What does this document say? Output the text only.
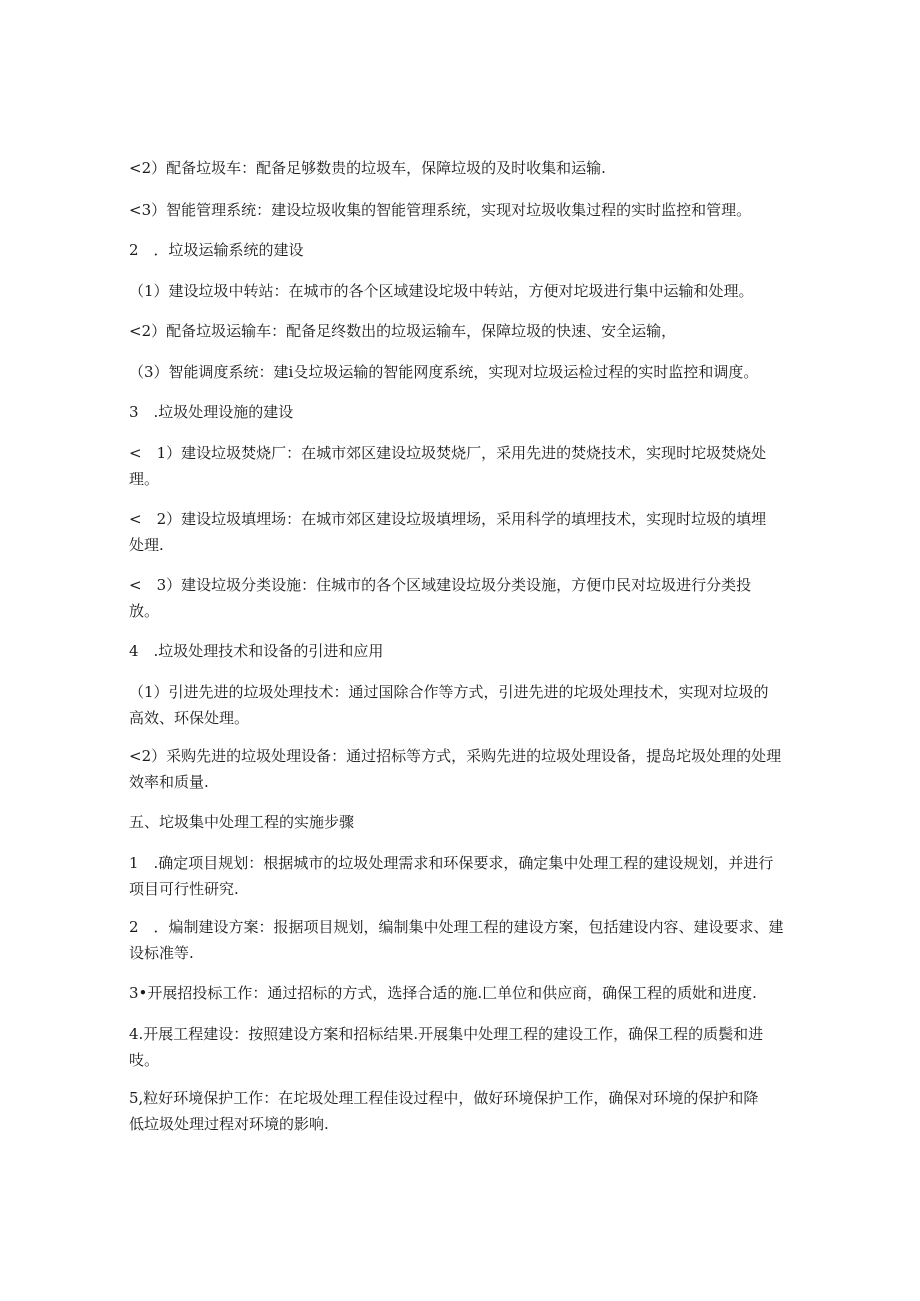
<2）配备垃圾车：配备足够数贵的垃圾车，保障垃圾的及时收集和运输.

<3）智能管理系统：建设垃圾收集的智能管理系统，实现对垃圾收集过程的实时监控和管理。

2　．垃圾运输系统的建设

（1）建设垃圾中转站：在城市的各个区域建设坨圾中转站，方便对坨圾进行集中运输和处理。

<2）配备垃圾运输车：配备足终数出的垃圾运输车，保障垃圾的快速、安全运输，

（3）智能调度系统：建i殳垃圾运输的智能网度系统，实现对垃圾运检过程的实时监控和调度。

3　.垃圾处理设施的建设

<　1）建设垃圾焚烧厂：在城市郊区建设垃圾焚烧厂，采用先进的焚烧技术，实现时坨圾焚烧处
理。

<　2）建设垃圾填埋场：在城市郊区建设垃圾填埋场，采用科学的填埋技术，实现时垃圾的填埋
处理.

<　3）建设垃圾分类设施：住城市的各个区域建设垃圾分类设施，方便巾民对垃圾进行分类投
放。

4　.垃圾处理技术和设备的引进和应用

（1）引进先进的垃圾处理技术：通过国除合作等方式，引进先进的坨圾处理技术，实现对垃圾的
高效、环保处理。

<2）采购先进的垃圾处理设备：通过招标等方式，采购先进的垃圾处理设备，提岛坨圾处理的处理
效率和质量.

五、坨圾集中处理工程的实施步骤

1　.确定项目规划：根据城市的垃圾处理需求和环保要求，确定集中处理工程的建设规划，并进行
项目可行性研究.

2　．煸制建设方案：报据项目规划，编制集中处理工程的建设方案，包括建设内容、建设要求、建
设标准等.

3•开展招投标工作：通过招标的方式，选择合适的施.匚单位和供应商，确保工程的质妣和进度.

4.开展工程建设：按照建设方案和招标结果.开展集中处理工程的建设工作，确保工程的质鬓和进
吱。

5,粒好环境保护工作：在坨圾处理工程佳设过程中，做好环境保护工作，确保对环境的保护和降
低垃圾处理过程对环境的影响.
